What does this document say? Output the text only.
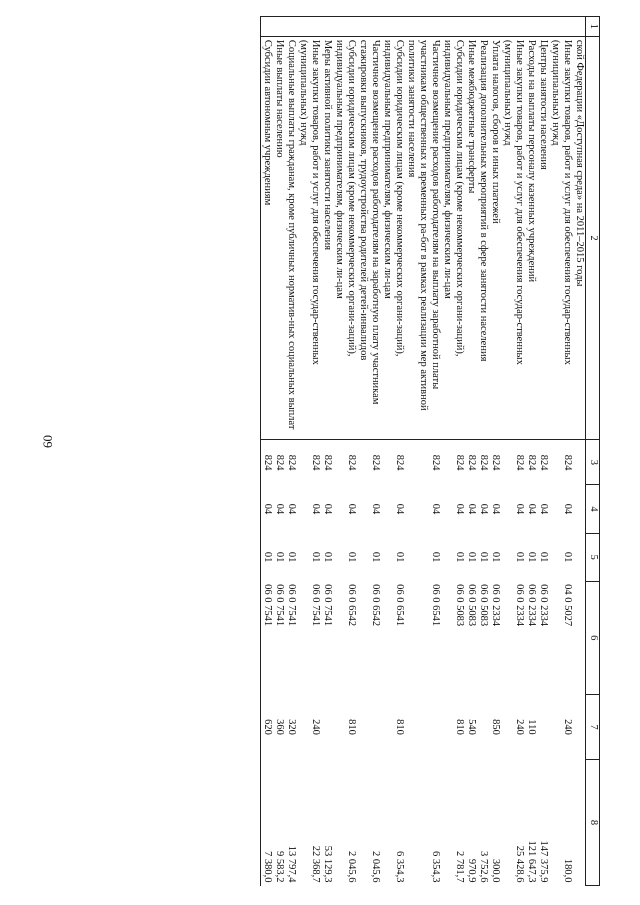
60
1	2	3	4	5	6	7	8
	ской Федерации «Доступная среда» на 2011–2015 годы						
	Иные закупки товаров, работ и услуг для обеспечения государ-ственных (муниципальных) нужд	824	04	01	04 0 5027	240	180,0
	Центры занятости населения	824	04	01	06 0 2334		147 375,9
	Расходы на выплаты персоналу казенных учреждений	824	04	01	06 0 2334	110	121 647,3
	Иные закупки товаров, работ и услуг для обеспечения государ-ственных (муниципальных) нужд	824	04	01	06 0 2334	240	25 428,6
	Уплата налогов, сборов и иных платежей	824	04	01	06 0 2334	850	300,0
	Реализация дополнительных мероприятий в сфере занятости населения	824	04	01	06 0 5083		3 752,6
	Иные межбюджетные трансферты	824	04	01	06 0 5083	540	970,9
	Субсидии юридическим лицам (кроме некоммерческих органи-заций), индивидуальным предпринимателям, физическим ли-цам	824	04	01	06 0 5083	810	2 781,7
	Частичное возмещение расходов работодателям на выплату заработной платы участникам общественных и временных ра-бот в рамках реализации мер активной политики занятости населения	824	04	01	06 0 6541		6 354,3
	Субсидии юридическим лицам (кроме некоммерческих органи-заций), индивидуальным предпринимателям, физическим ли-цам	824	04	01	06 0 6541	810	6 354,3
	Частичное возмещение расходов работодателям на заработную плату участникам стажировки выпускников, трудоустройства родителей детей-инвалидов	824	04	01	06 0 6542		2 045,6
	Субсидии юридическим лицам (кроме некоммерческих органи-заций), индивидуальным предпринимателям, физическим ли-цам	824	04	01	06 0 6542	810	2 045,6
	Меры активной политики занятости населения	824	04	01	06 0 7541		53 129,3
	Иные закупки товаров, работ и услуг для обеспечения государ-ственных (муниципальных) нужд	824	04	01	06 0 7541	240	22 368,7
	Социальные выплаты гражданам, кроме публичных норматив-ных социальных выплат	824	04	01	06 0 7541	320	13 797,4
	Иные выплаты населению	824	04	01	06 0 7541	360	9 583,2
	Субсидии автономным учреждениям	824	04	01	06 0 7541	620	7 380,0
